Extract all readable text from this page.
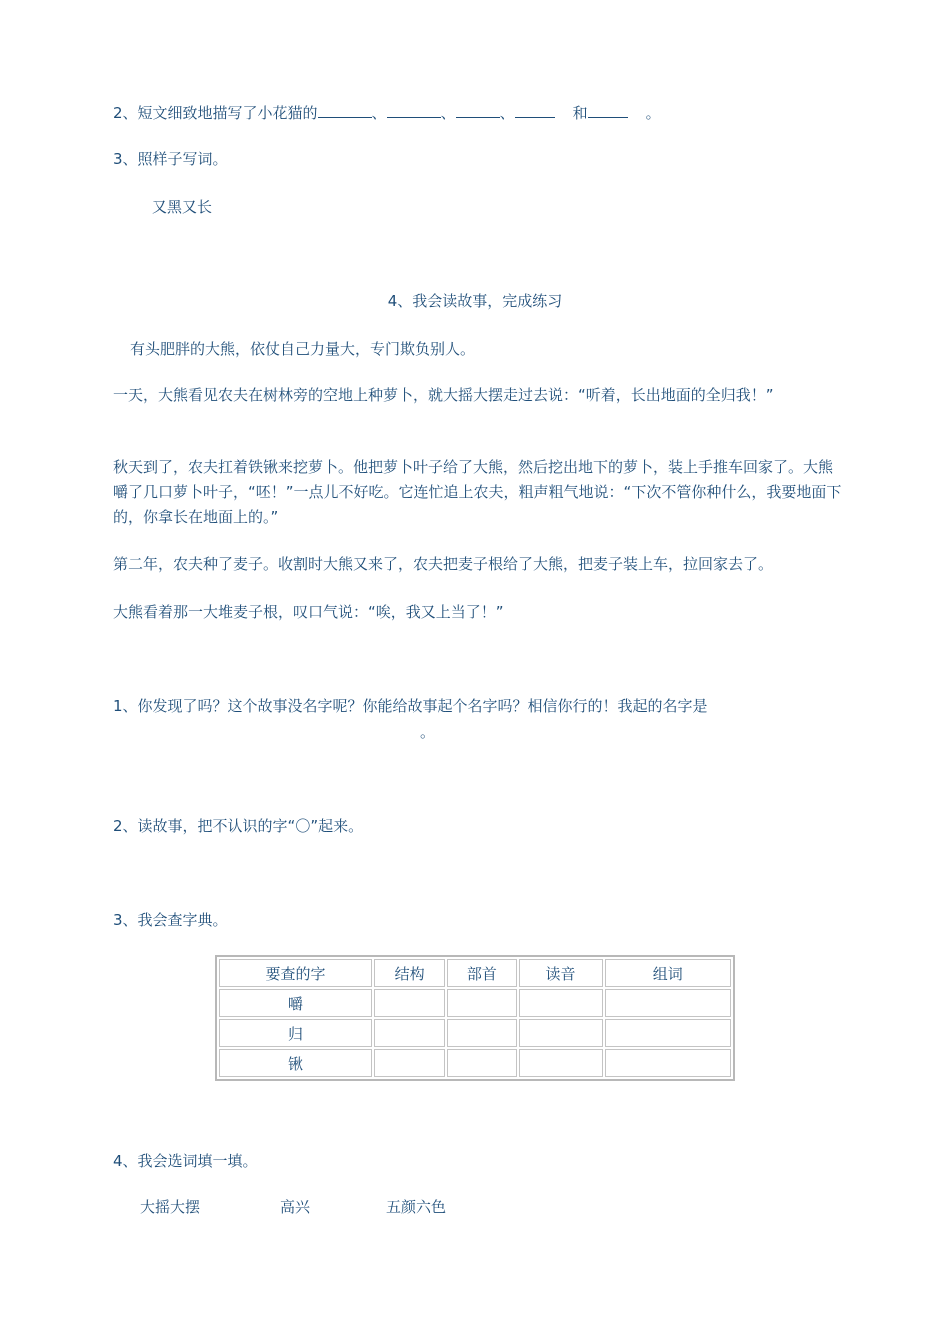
2、短文细致地描写了小花猫的	、	、	、	和	。
3、照样子写词。
又黑又长
4、我会读故事，完成练习
有头肥胖的大熊，依仗自己力量大，专门欺负别人。
一天，大熊看见农夫在树林旁的空地上种萝卜，就大摇大摆走过去说：“听着，长出地面的全归我！”
秋天到了，农夫扛着铁锹来挖萝卜。他把萝卜叶子给了大熊，然后挖出地下的萝卜，装上手推车回家了。大熊嚼了几口萝卜叶子，“呸！”一点儿不好吃。它连忙追上农夫，粗声粗气地说：“下次不管你种什么，我要地面下的，你拿长在地面上的。”
第二年，农夫种了麦子。收割时大熊又来了，农夫把麦子根给了大熊，把麦子装上车，拉回家去了。
大熊看着那一大堆麦子根，叹口气说：“唉，我又上当了！”
1、你发现了吗？这个故事没名字呢？你能给故事起个名字吗？相信你行的！我起的名字是
。
2、读故事，把不认识的字“〇”起来。
3、我会查字典。
要查的字	结构	部首	读音	组词
嚼				
归				
锹				
4、我会选词填一填。
大摇大摆	高兴	五颜六色
